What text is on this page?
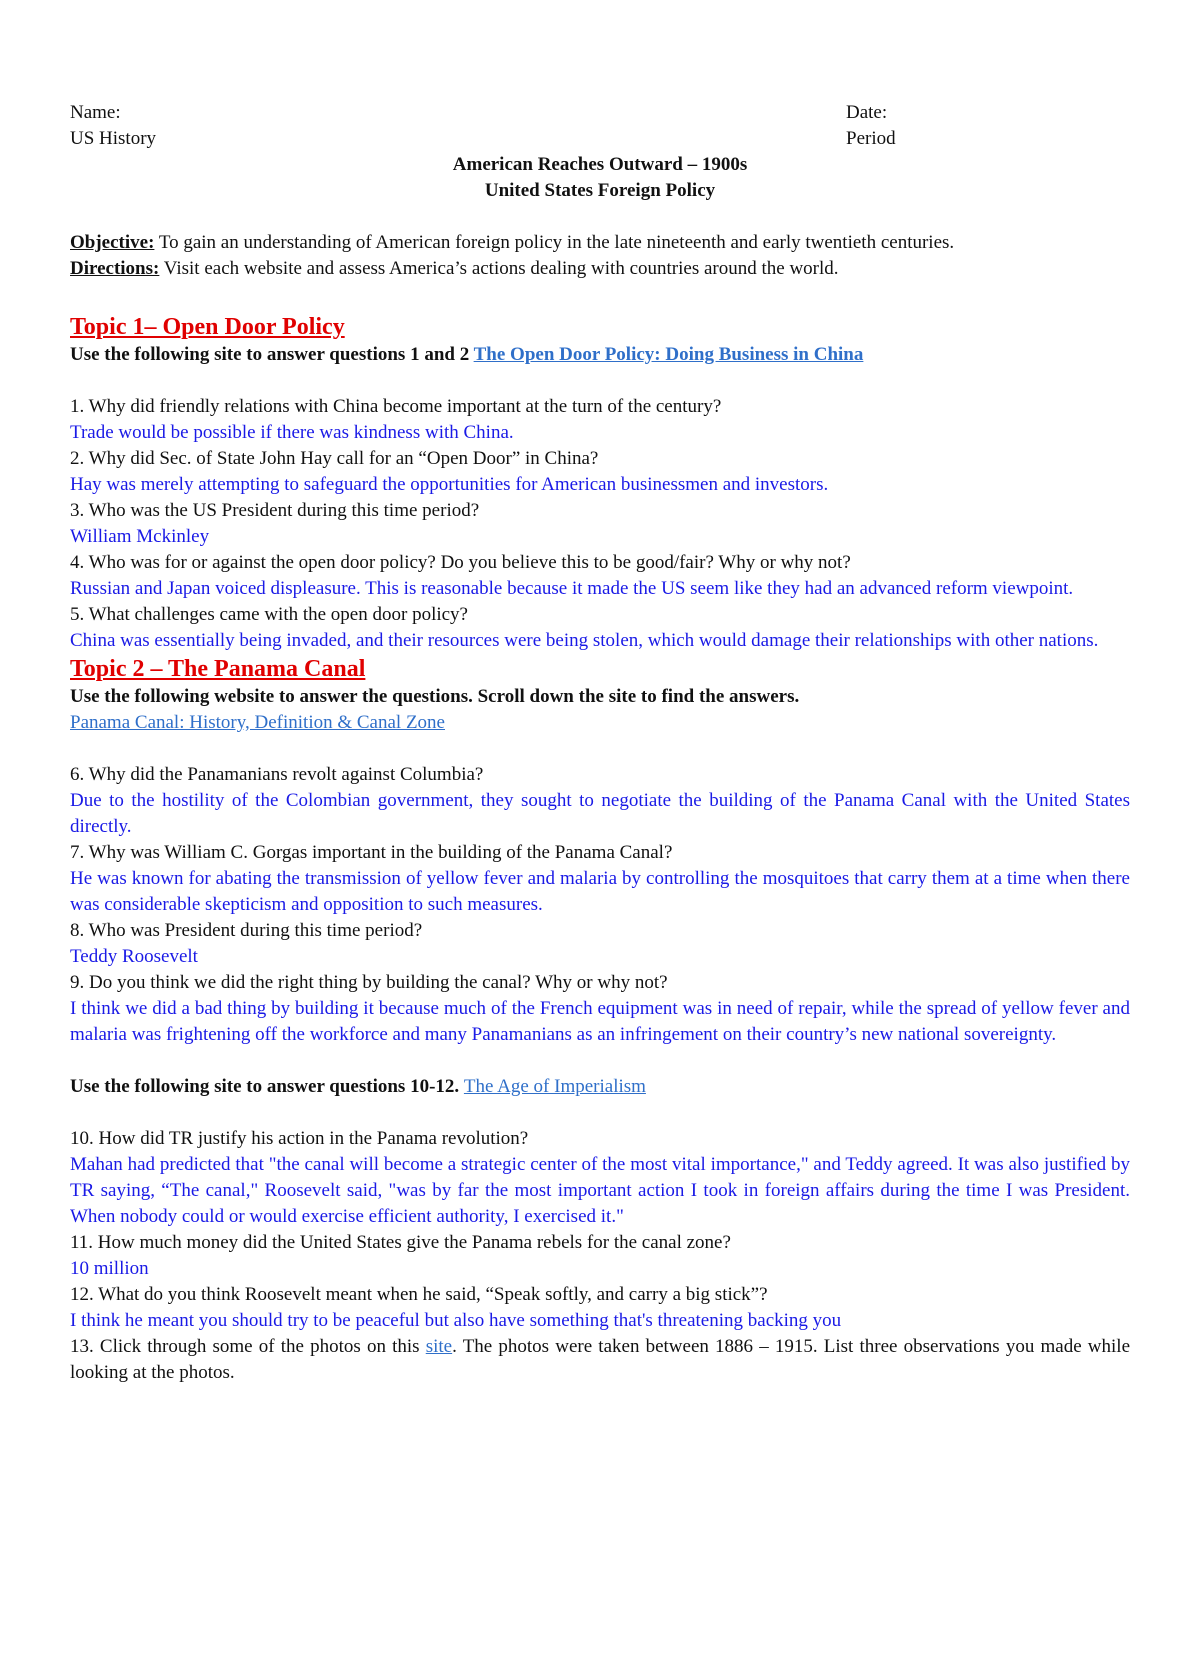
Name:
US History
Date:
Period
American Reaches Outward – 1900s
United States Foreign Policy

Objective: To gain an understanding of American foreign policy in the late nineteenth and early twentieth centuries.

Directions: Visit each website and assess America’s actions dealing with countries around the world.

Topic 1– Open Door Policy

Use the following site to answer questions 1 and 2 The Open Door Policy: Doing Business in China

1. Why did friendly relations with China become important at the turn of the century?

Trade would be possible if there was kindness with China.

2. Why did Sec. of State John Hay call for an “Open Door” in China?

Hay was merely attempting to safeguard the opportunities for American businessmen and investors.

3. Who was the US President during this time period?

William Mckinley

4. Who was for or against the open door policy? Do you believe this to be good/fair? Why or why not?

Russian and Japan voiced displeasure. This is reasonable because it made the US seem like they had an advanced reform viewpoint.

5. What challenges came with the open door policy?

China was essentially being invaded, and their resources were being stolen, which would damage their relationships with other nations.

Topic 2 – The Panama Canal

Use the following website to answer the questions. Scroll down the site to find the answers.

Panama Canal: History, Definition & Canal Zone

6. Why did the Panamanians revolt against Columbia?

Due to the hostility of the Colombian government, they sought to negotiate the building of the Panama Canal with the United States directly.

7. Why was William C. Gorgas important in the building of the Panama Canal?

He was known for abating the transmission of yellow fever and malaria by controlling the mosquitoes that carry them at a time when there was considerable skepticism and opposition to such measures.

8. Who was President during this time period?

Teddy Roosevelt

9. Do you think we did the right thing by building the canal? Why or why not?

I think we did a bad thing by building it because much of the French equipment was in need of repair, while the spread of yellow fever and malaria was frightening off the workforce and many Panamanians as an infringement on their country’s new national sovereignty.

Use the following site to answer questions 10-12. The Age of Imperialism

10. How did TR justify his action in the Panama revolution?

Mahan had predicted that "the canal will become a strategic center of the most vital importance," and Teddy agreed. It was also justified by TR saying, “The canal," Roosevelt said, "was by far the most important action I took in foreign affairs during the time I was President. When nobody could or would exercise efficient authority, I exercised it."

11. How much money did the United States give the Panama rebels for the canal zone?

10 million

12. What do you think Roosevelt meant when he said, “Speak softly, and carry a big stick”?

I think he meant you should try to be peaceful but also have something that's threatening backing you

13. Click through some of the photos on this site. The photos were taken between 1886 – 1915. List three observations you made while looking at the photos.
